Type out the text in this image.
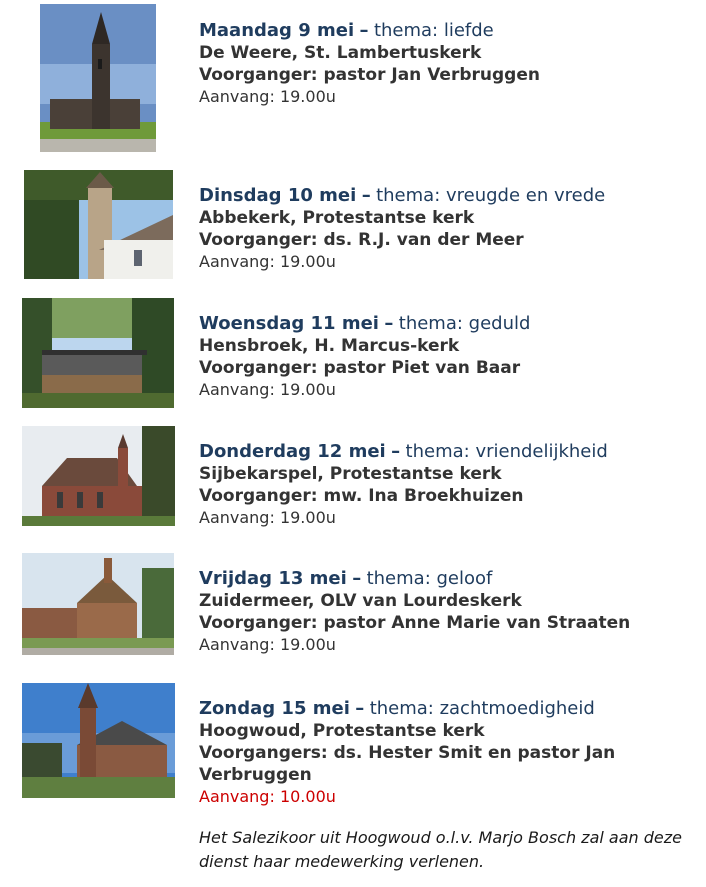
Maandag 9 mei – thema: liefde
De Weere, St. Lambertuskerk
Voorganger: pastor Jan Verbruggen
Aanvang: 19.00u
Dinsdag 10 mei – thema: vreugde en vrede
Abbekerk, Protestantse kerk
Voorganger: ds. R.J. van der Meer
Aanvang: 19.00u
Woensdag 11 mei – thema: geduld
Hensbroek, H. Marcus-kerk
Voorganger: pastor Piet van Baar
Aanvang: 19.00u
Donderdag 12 mei – thema: vriendelijkheid
Sijbekarspel, Protestantse kerk
Voorganger: mw. Ina Broekhuizen
Aanvang: 19.00u
Vrijdag 13 mei – thema: geloof
Zuidermeer, OLV van Lourdeskerk
Voorganger: pastor Anne Marie van Straaten
Aanvang: 19.00u
Zondag 15 mei – thema: zachtmoedigheid
Hoogwoud, Protestantse kerk
Voorgangers: ds. Hester Smit en pastor Jan Verbruggen
Aanvang: 10.00u
Het Salezikoor uit Hoogwoud o.l.v. Marjo Bosch zal aan deze dienst haar medewerking verlenen.
